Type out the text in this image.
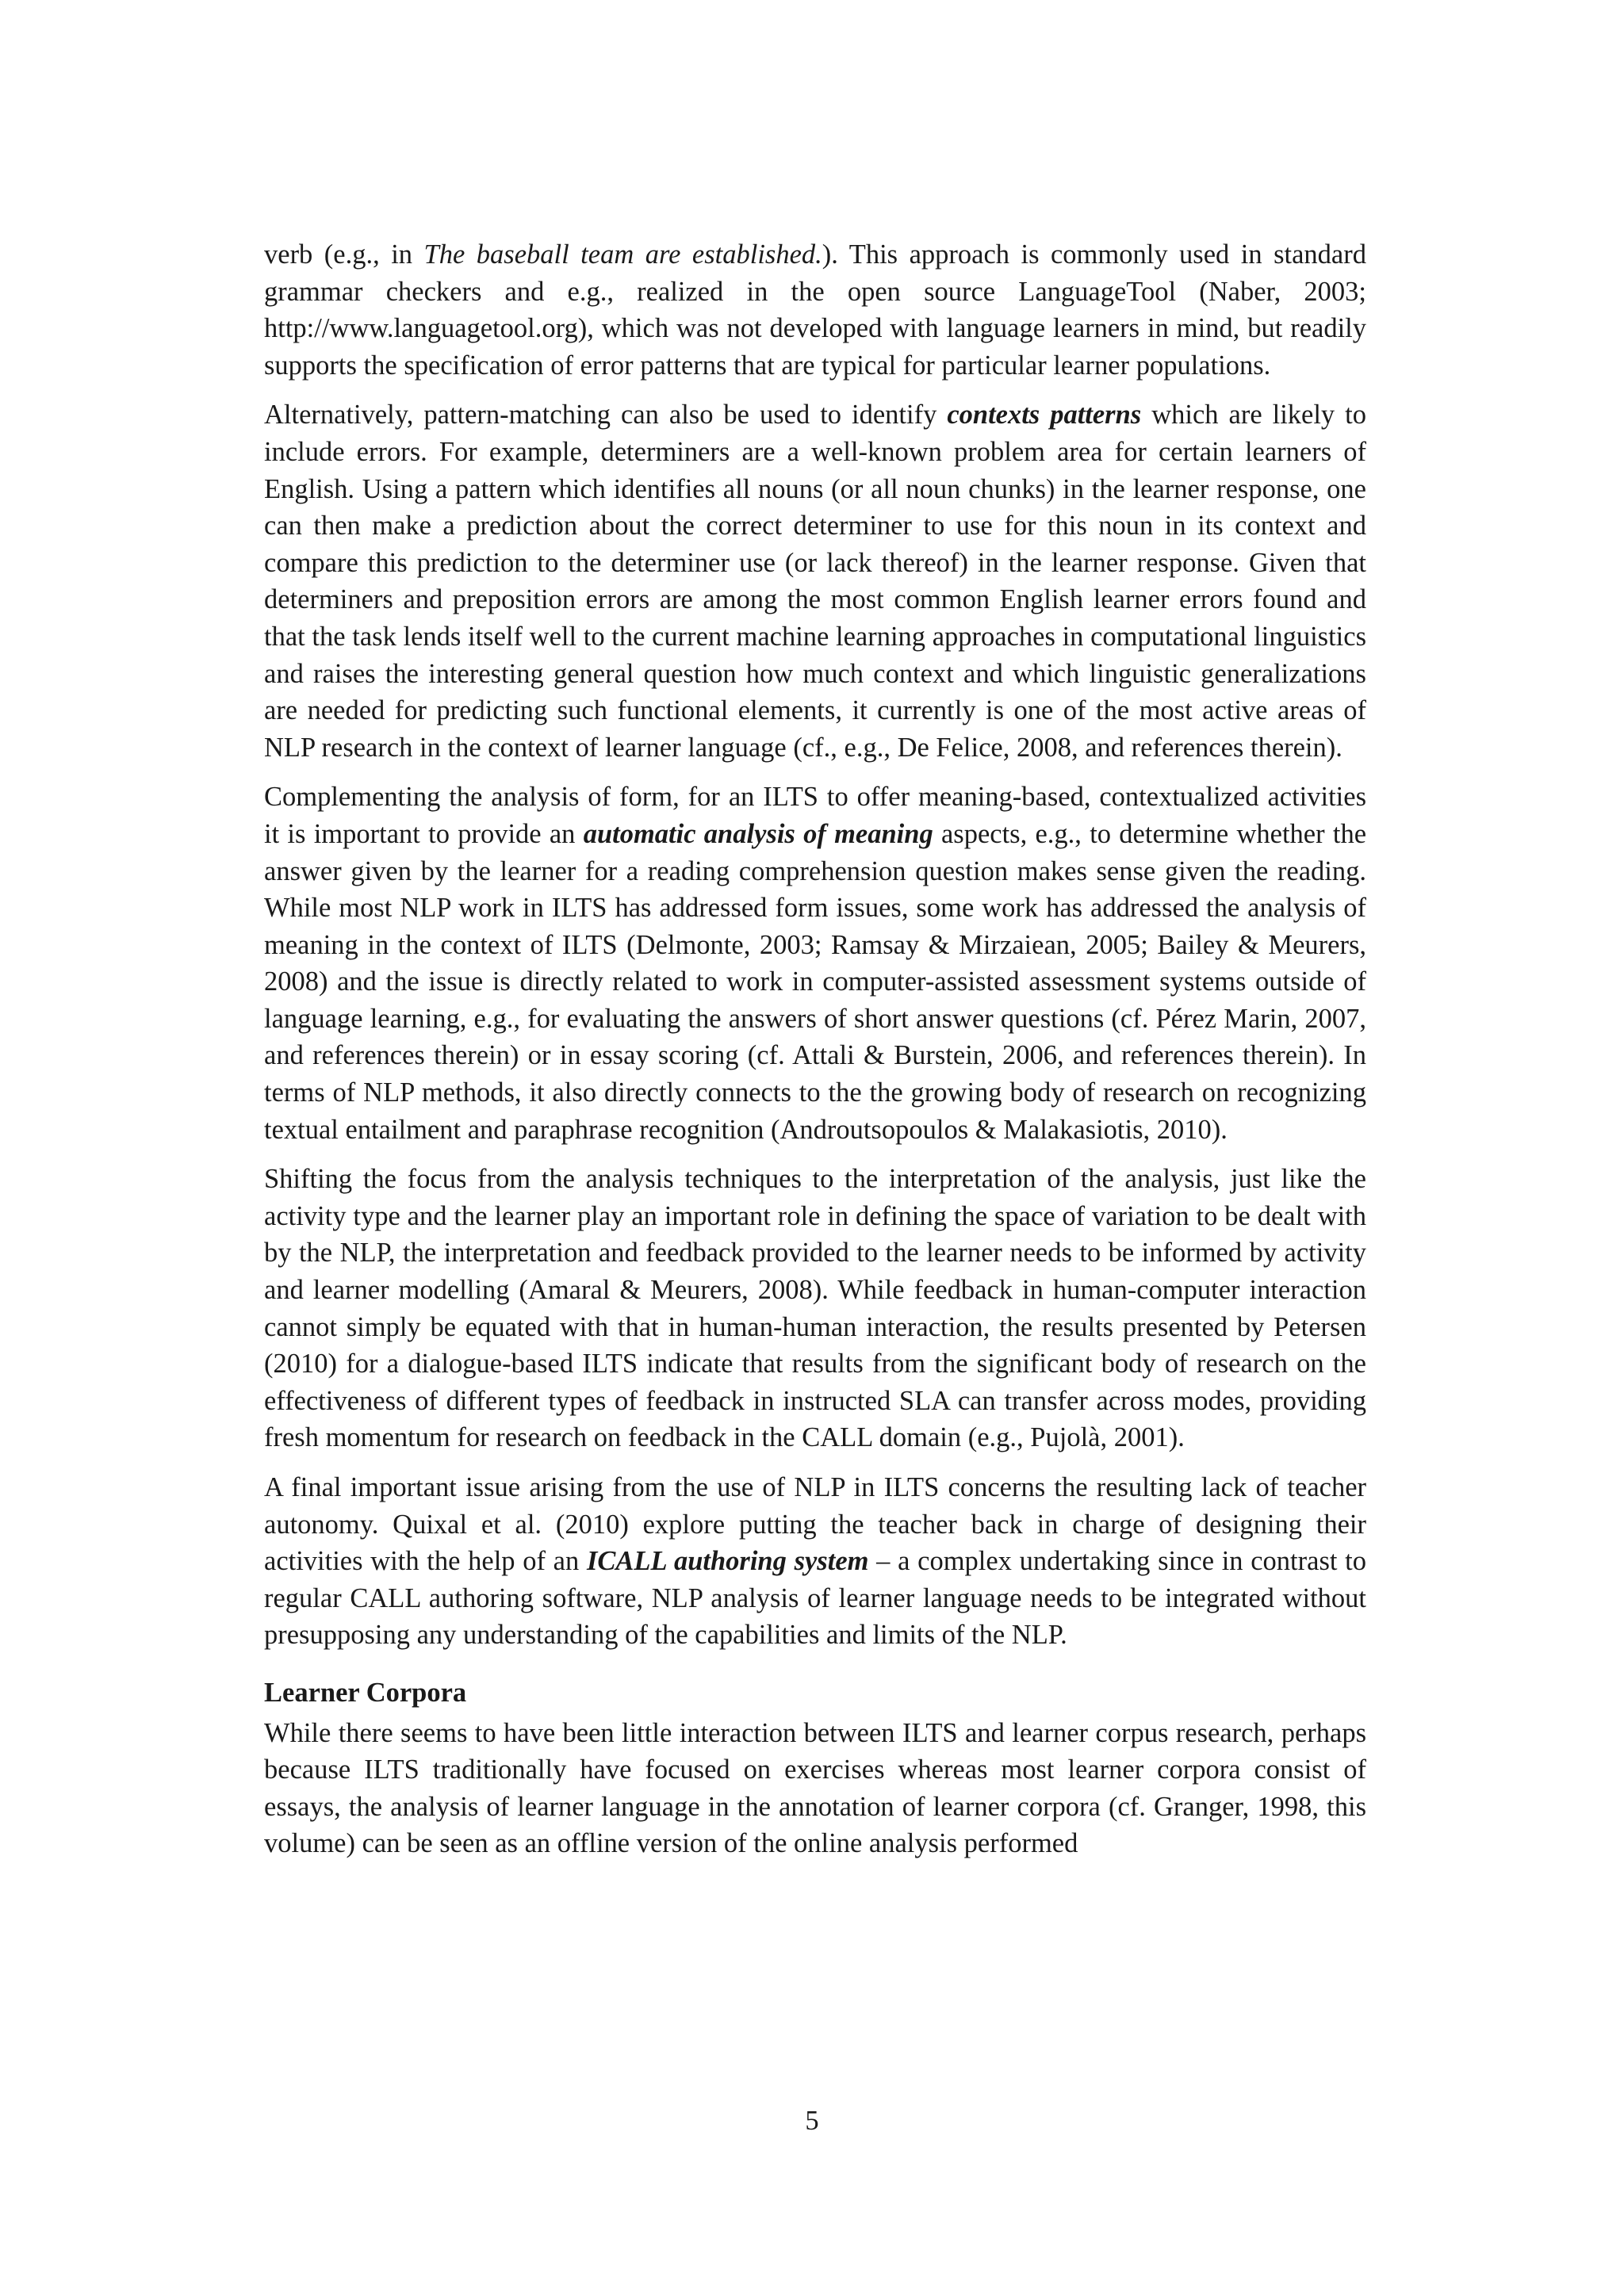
verb (e.g., in The baseball team are established.). This approach is commonly used in standard grammar checkers and e.g., realized in the open source LanguageTool (Naber, 2003; http://www.languagetool.org), which was not developed with language learners in mind, but readily supports the specification of error patterns that are typical for particular learner populations.

Alternatively, pattern-matching can also be used to identify contexts patterns which are likely to include errors. For example, determiners are a well-known problem area for certain learners of English. Using a pattern which identifies all nouns (or all noun chunks) in the learner response, one can then make a prediction about the correct determiner to use for this noun in its context and compare this prediction to the determiner use (or lack thereof) in the learner response. Given that determiners and preposition errors are among the most common English learner errors found and that the task lends itself well to the current machine learning approaches in computational linguistics and raises the interesting general question how much context and which linguistic generalizations are needed for predicting such functional elements, it currently is one of the most active areas of NLP research in the context of learner language (cf., e.g., De Felice, 2008, and references therein).

Complementing the analysis of form, for an ILTS to offer meaning-based, contextualized activities it is important to provide an automatic analysis of meaning aspects, e.g., to determine whether the answer given by the learner for a reading comprehension question makes sense given the reading. While most NLP work in ILTS has addressed form issues, some work has addressed the analysis of meaning in the context of ILTS (Delmonte, 2003; Ramsay & Mirzaiean, 2005; Bailey & Meurers, 2008) and the issue is directly related to work in computer-assisted assessment systems outside of language learning, e.g., for evaluating the answers of short answer questions (cf. Pérez Marin, 2007, and references therein) or in essay scoring (cf. Attali & Burstein, 2006, and references therein). In terms of NLP methods, it also directly connects to the the growing body of research on recognizing textual entailment and paraphrase recognition (Androutsopoulos & Malakasiotis, 2010).

Shifting the focus from the analysis techniques to the interpretation of the analysis, just like the activity type and the learner play an important role in defining the space of variation to be dealt with by the NLP, the interpretation and feedback provided to the learner needs to be informed by activity and learner modelling (Amaral & Meurers, 2008). While feedback in human-computer interaction cannot simply be equated with that in human-human interaction, the results presented by Petersen (2010) for a dialogue-based ILTS indicate that results from the significant body of research on the effectiveness of different types of feedback in instructed SLA can transfer across modes, providing fresh momentum for research on feedback in the CALL domain (e.g., Pujolà, 2001).

A final important issue arising from the use of NLP in ILTS concerns the resulting lack of teacher autonomy. Quixal et al. (2010) explore putting the teacher back in charge of designing their activities with the help of an ICALL authoring system – a complex undertaking since in contrast to regular CALL authoring software, NLP analysis of learner language needs to be integrated without presupposing any understanding of the capabilities and limits of the NLP.

Learner Corpora

While there seems to have been little interaction between ILTS and learner corpus research, perhaps because ILTS traditionally have focused on exercises whereas most learner corpora consist of essays, the analysis of learner language in the annotation of learner corpora (cf. Granger, 1998, this volume) can be seen as an offline version of the online analysis performed

5
